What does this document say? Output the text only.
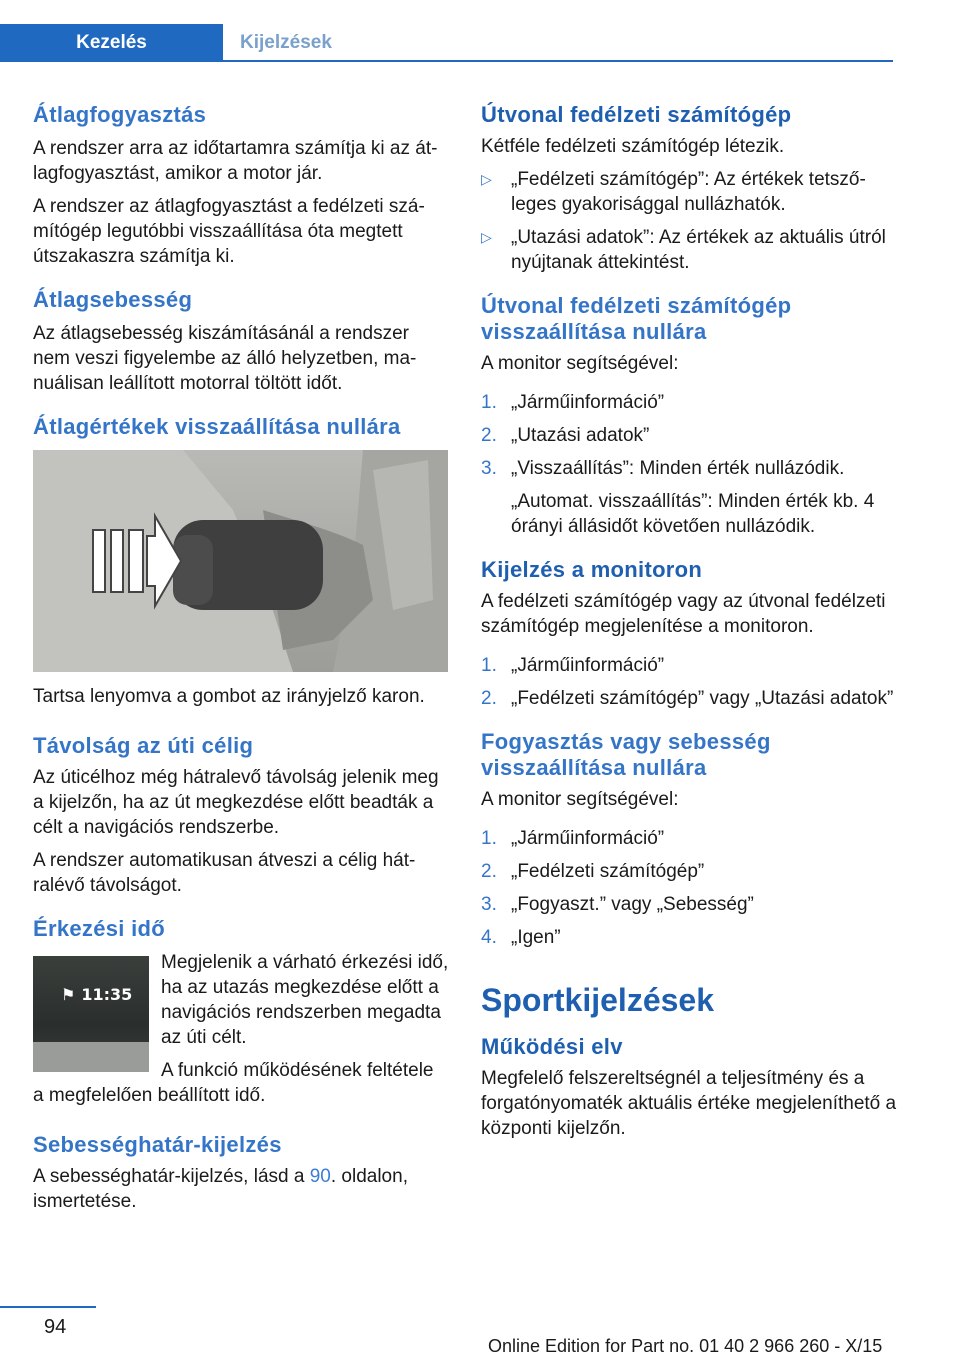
Kezelés	Kijelzések
Átlagfogyasztás

A rendszer arra az időtartamra számítja ki az átlagfogyasztást, amikor a motor jár.

A rendszer az átlagfogyasztást a fedélzeti számítógép legutóbbi visszaállítása óta megtett útszakaszra számítja ki.

Átlagsebesség

Az átlagsebesség kiszámításánál a rendszer nem veszi figyelembe az álló helyzetben, manuálisan leállított motorral töltött időt.

Átlagértékek visszaállítása nullára

Tartsa lenyomva a gombot az irányjelző karon.

Távolság az úti célig

Az úticélhoz még hátralevő távolság jelenik meg a kijelzőn, ha az út megkezdése előtt beadták a célt a navigációs rendszerbe.

A rendszer automatikusan átveszi a célig hátralévő távolságot.

Érkezési idő
⚑ 11:35

Megjelenik a várható érkezési idő, ha az utazás megkezdése előtt a navigációs rendszerben megadta az úti célt.

A funkció működésének feltétele a megfelelően beállított idő.

Sebességhatár-kijelzés

A sebességhatár-kijelzés, lásd a 90. oldalon, ismertetése.

Útvonal fedélzeti számítógép

Kétféle fedélzeti számítógép létezik.

▷ „Fedélzeti számítógép”: Az értékek tetszőleges gyakorisággal nullázhatók.
▷ „Utazási adatok”: Az értékek az aktuális útról nyújtanak áttekintést.
Útvonal fedélzeti számítógép visszaállítása nullára

A monitor segítségével:

1. „Járműinformáció”
2. „Utazási adatok”
3. „Visszaállítás”: Minden érték nullázódik.

„Automat. visszaállítás”: Minden érték kb. 4 órányi állásidőt követően nullázódik.

Kijelzés a monitoron

A fedélzeti számítógép vagy az útvonal fedélzeti számítógép megjelenítése a monitoron.

1. „Járműinformáció”
2. „Fedélzeti számítógép” vagy „Utazási adatok”
Fogyasztás vagy sebesség visszaállítása nullára

A monitor segítségével:

1. „Járműinformáció”
2. „Fedélzeti számítógép”
3. „Fogyaszt.” vagy „Sebesség”
4. „Igen”
Sportkijelzések
Működési elv

Megfelelő felszereltségnél a teljesítmény és a forgatónyomaték aktuális értéke megjeleníthető a központi kijelzőn.

94
Online Edition for Part no. 01 40 2 966 260 - X/15
